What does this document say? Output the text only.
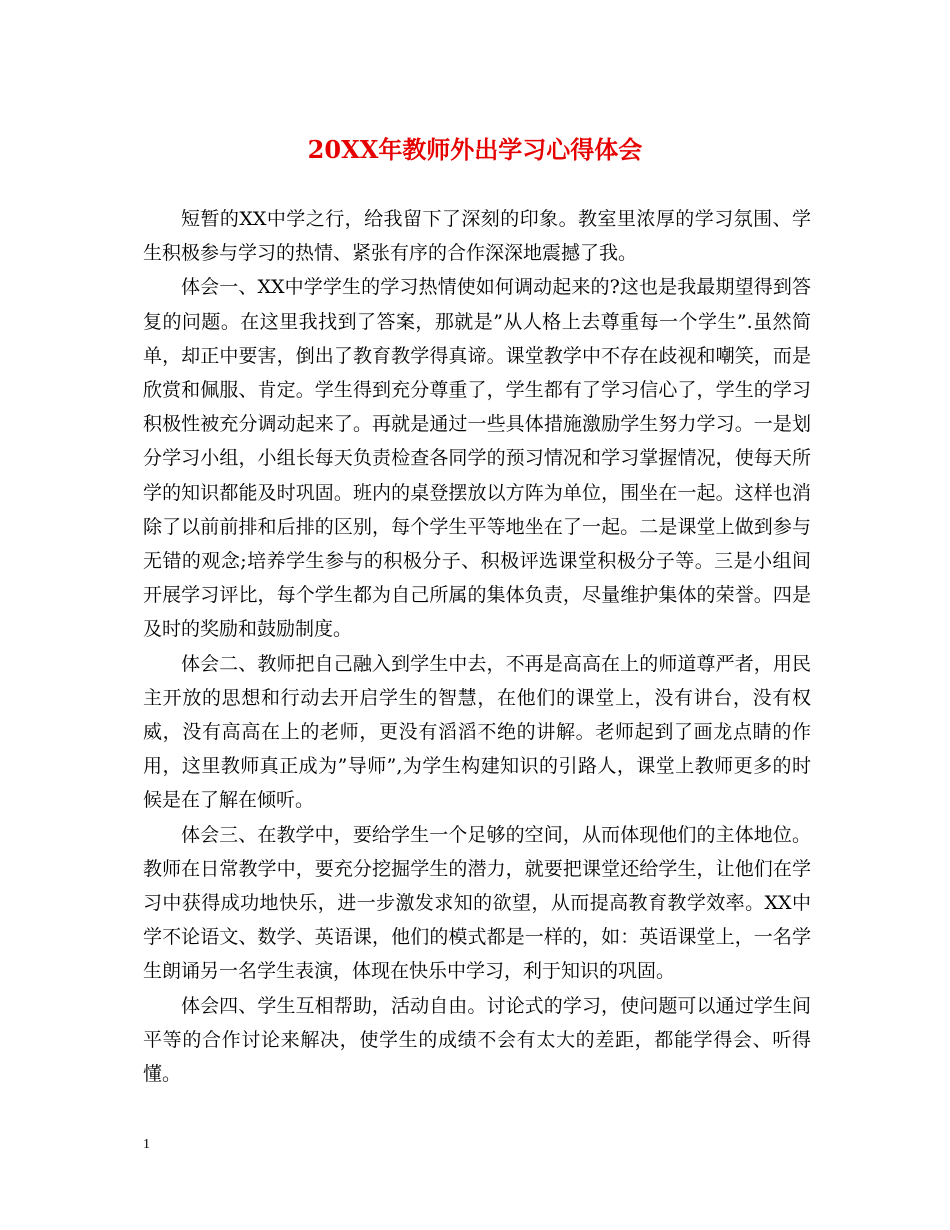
20XX年教师外出学习心得体会

短暂的XX中学之行，给我留下了深刻的印象。教室里浓厚的学习氛围、学生积极参与学习的热情、紧张有序的合作深深地震撼了我。

体会一、XX中学学生的学习热情使如何调动起来的?这也是我最期望得到答复的问题。在这里我找到了答案，那就是”从人格上去尊重每一个学生”.虽然简单，却正中要害，倒出了教育教学得真谛。课堂教学中不存在歧视和嘲笑，而是欣赏和佩服、肯定。学生得到充分尊重了，学生都有了学习信心了，学生的学习积极性被充分调动起来了。再就是通过一些具体措施激励学生努力学习。一是划分学习小组，小组长每天负责检查各同学的预习情况和学习掌握情况，使每天所学的知识都能及时巩固。班内的桌登摆放以方阵为单位，围坐在一起。这样也消除了以前前排和后排的区别，每个学生平等地坐在了一起。二是课堂上做到参与无错的观念;培养学生参与的积极分子、积极评选课堂积极分子等。三是小组间开展学习评比，每个学生都为自己所属的集体负责，尽量维护集体的荣誉。四是及时的奖励和鼓励制度。

体会二、教师把自己融入到学生中去，不再是高高在上的师道尊严者，用民主开放的思想和行动去开启学生的智慧，在他们的课堂上，没有讲台，没有权威，没有高高在上的老师，更没有滔滔不绝的讲解。老师起到了画龙点睛的作用，这里教师真正成为”导师”,为学生构建知识的引路人，课堂上教师更多的时候是在了解在倾听。

体会三、在教学中，要给学生一个足够的空间，从而体现他们的主体地位。教师在日常教学中，要充分挖掘学生的潜力，就要把课堂还给学生，让他们在学习中获得成功地快乐，进一步激发求知的欲望，从而提高教育教学效率。XX中学不论语文、数学、英语课，他们的模式都是一样的，如：英语课堂上，一名学生朗诵另一名学生表演，体现在快乐中学习，利于知识的巩固。

体会四、学生互相帮助，活动自由。讨论式的学习，使问题可以通过学生间平等的合作讨论来解决，使学生的成绩不会有太大的差距，都能学得会、听得懂。

1
